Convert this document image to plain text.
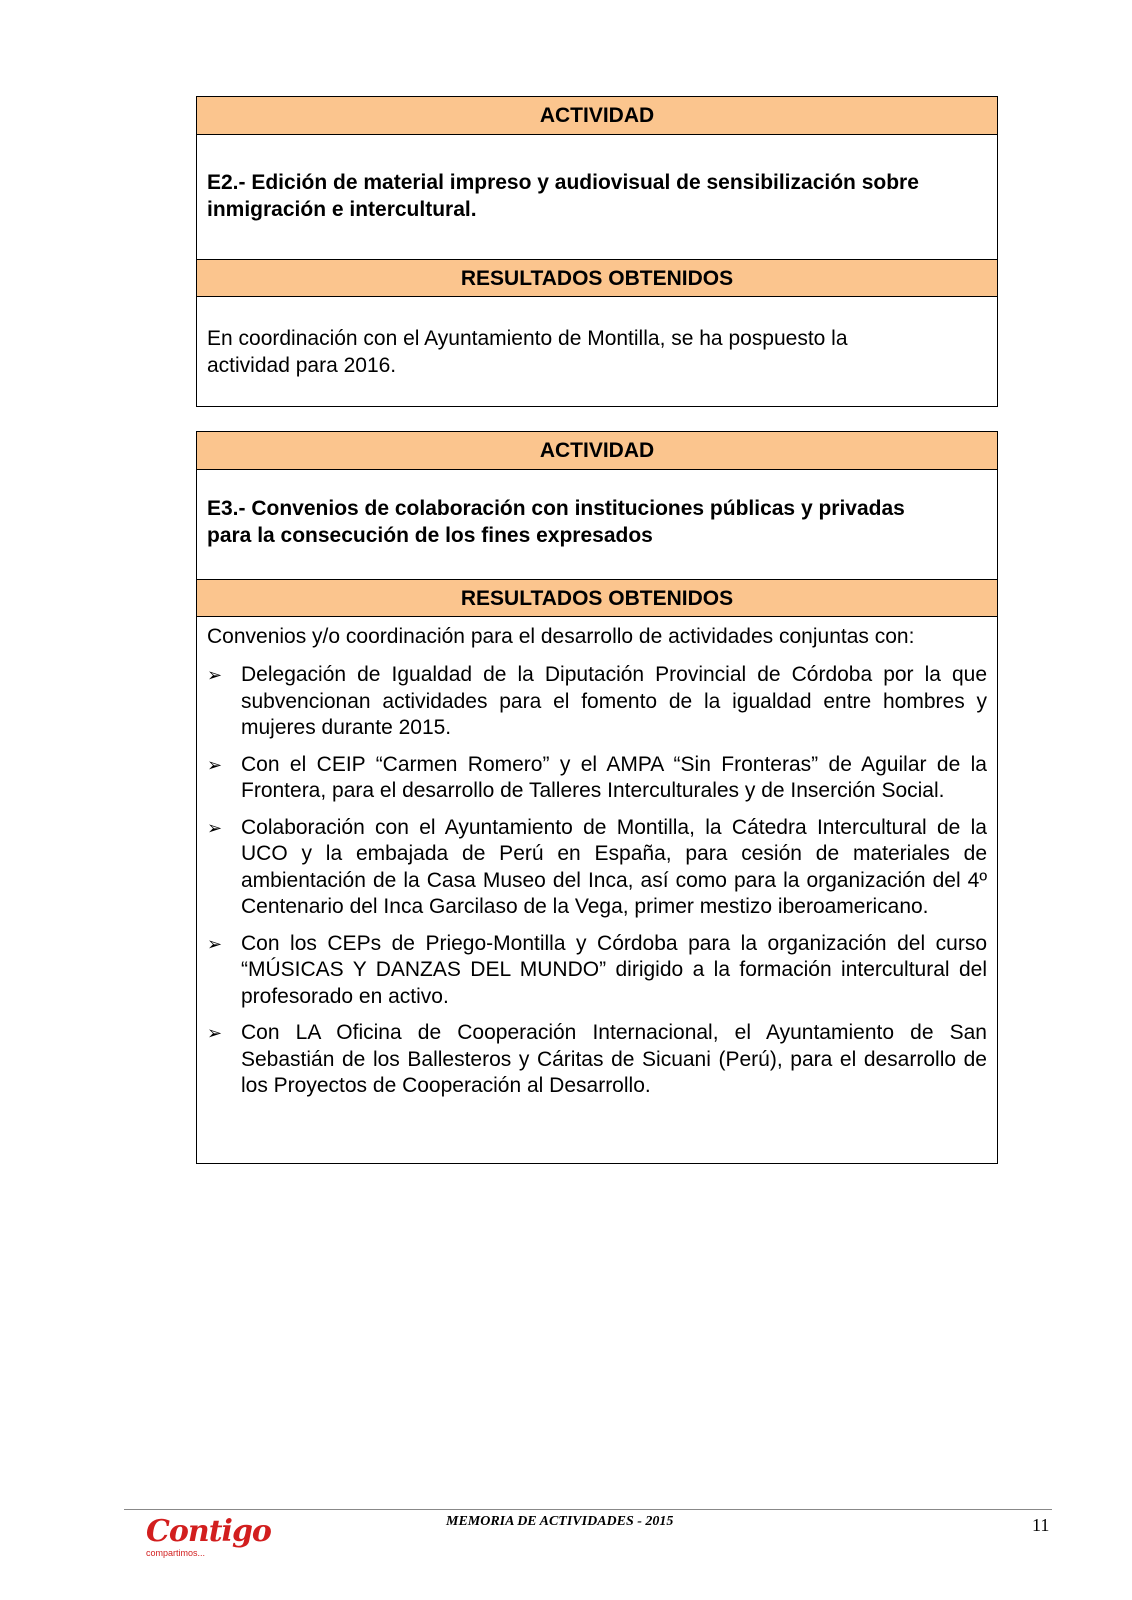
ACTIVIDAD
E2.- Edición de material impreso y audiovisual de sensibilización sobre
inmigración e intercultural.
RESULTADOS OBTENIDOS
En coordinación con el Ayuntamiento de Montilla, se ha pospuesto la
actividad para 2016.
ACTIVIDAD
E3.- Convenios de colaboración con instituciones públicas y privadas
para la consecución de los fines expresados
RESULTADOS OBTENIDOS
Convenios y/o coordinación para el desarrollo de actividades conjuntas con:
➢ Delegación de Igualdad de la Diputación Provincial de Córdoba por la que subvencionan actividades para el fomento de la igualdad entre hombres y mujeres durante 2015.
➢ Con el CEIP “Carmen Romero” y el AMPA “Sin Fronteras” de Aguilar de la Frontera, para el desarrollo de Talleres Interculturales y de Inserción Social.
➢ Colaboración con el Ayuntamiento de Montilla, la Cátedra Intercultural de la UCO y la embajada de Perú en España, para cesión de materiales de ambientación de la Casa Museo del Inca, así como para la organización del 4º Centenario del Inca Garcilaso de la Vega, primer mestizo iberoamericano.
➢ Con los CEPs de Priego-Montilla y Córdoba para la organización del curso “MÚSICAS Y DANZAS DEL MUNDO” dirigido a la formación intercultural del profesorado en activo.
➢ Con LA Oficina de Cooperación Internacional, el Ayuntamiento de San Sebastián de los Ballesteros y Cáritas de Sicuani (Perú), para el desarrollo de los Proyectos de Cooperación al Desarrollo.
Contigo
compartimos...
MEMORIA DE ACTIVIDADES - 2015	11
